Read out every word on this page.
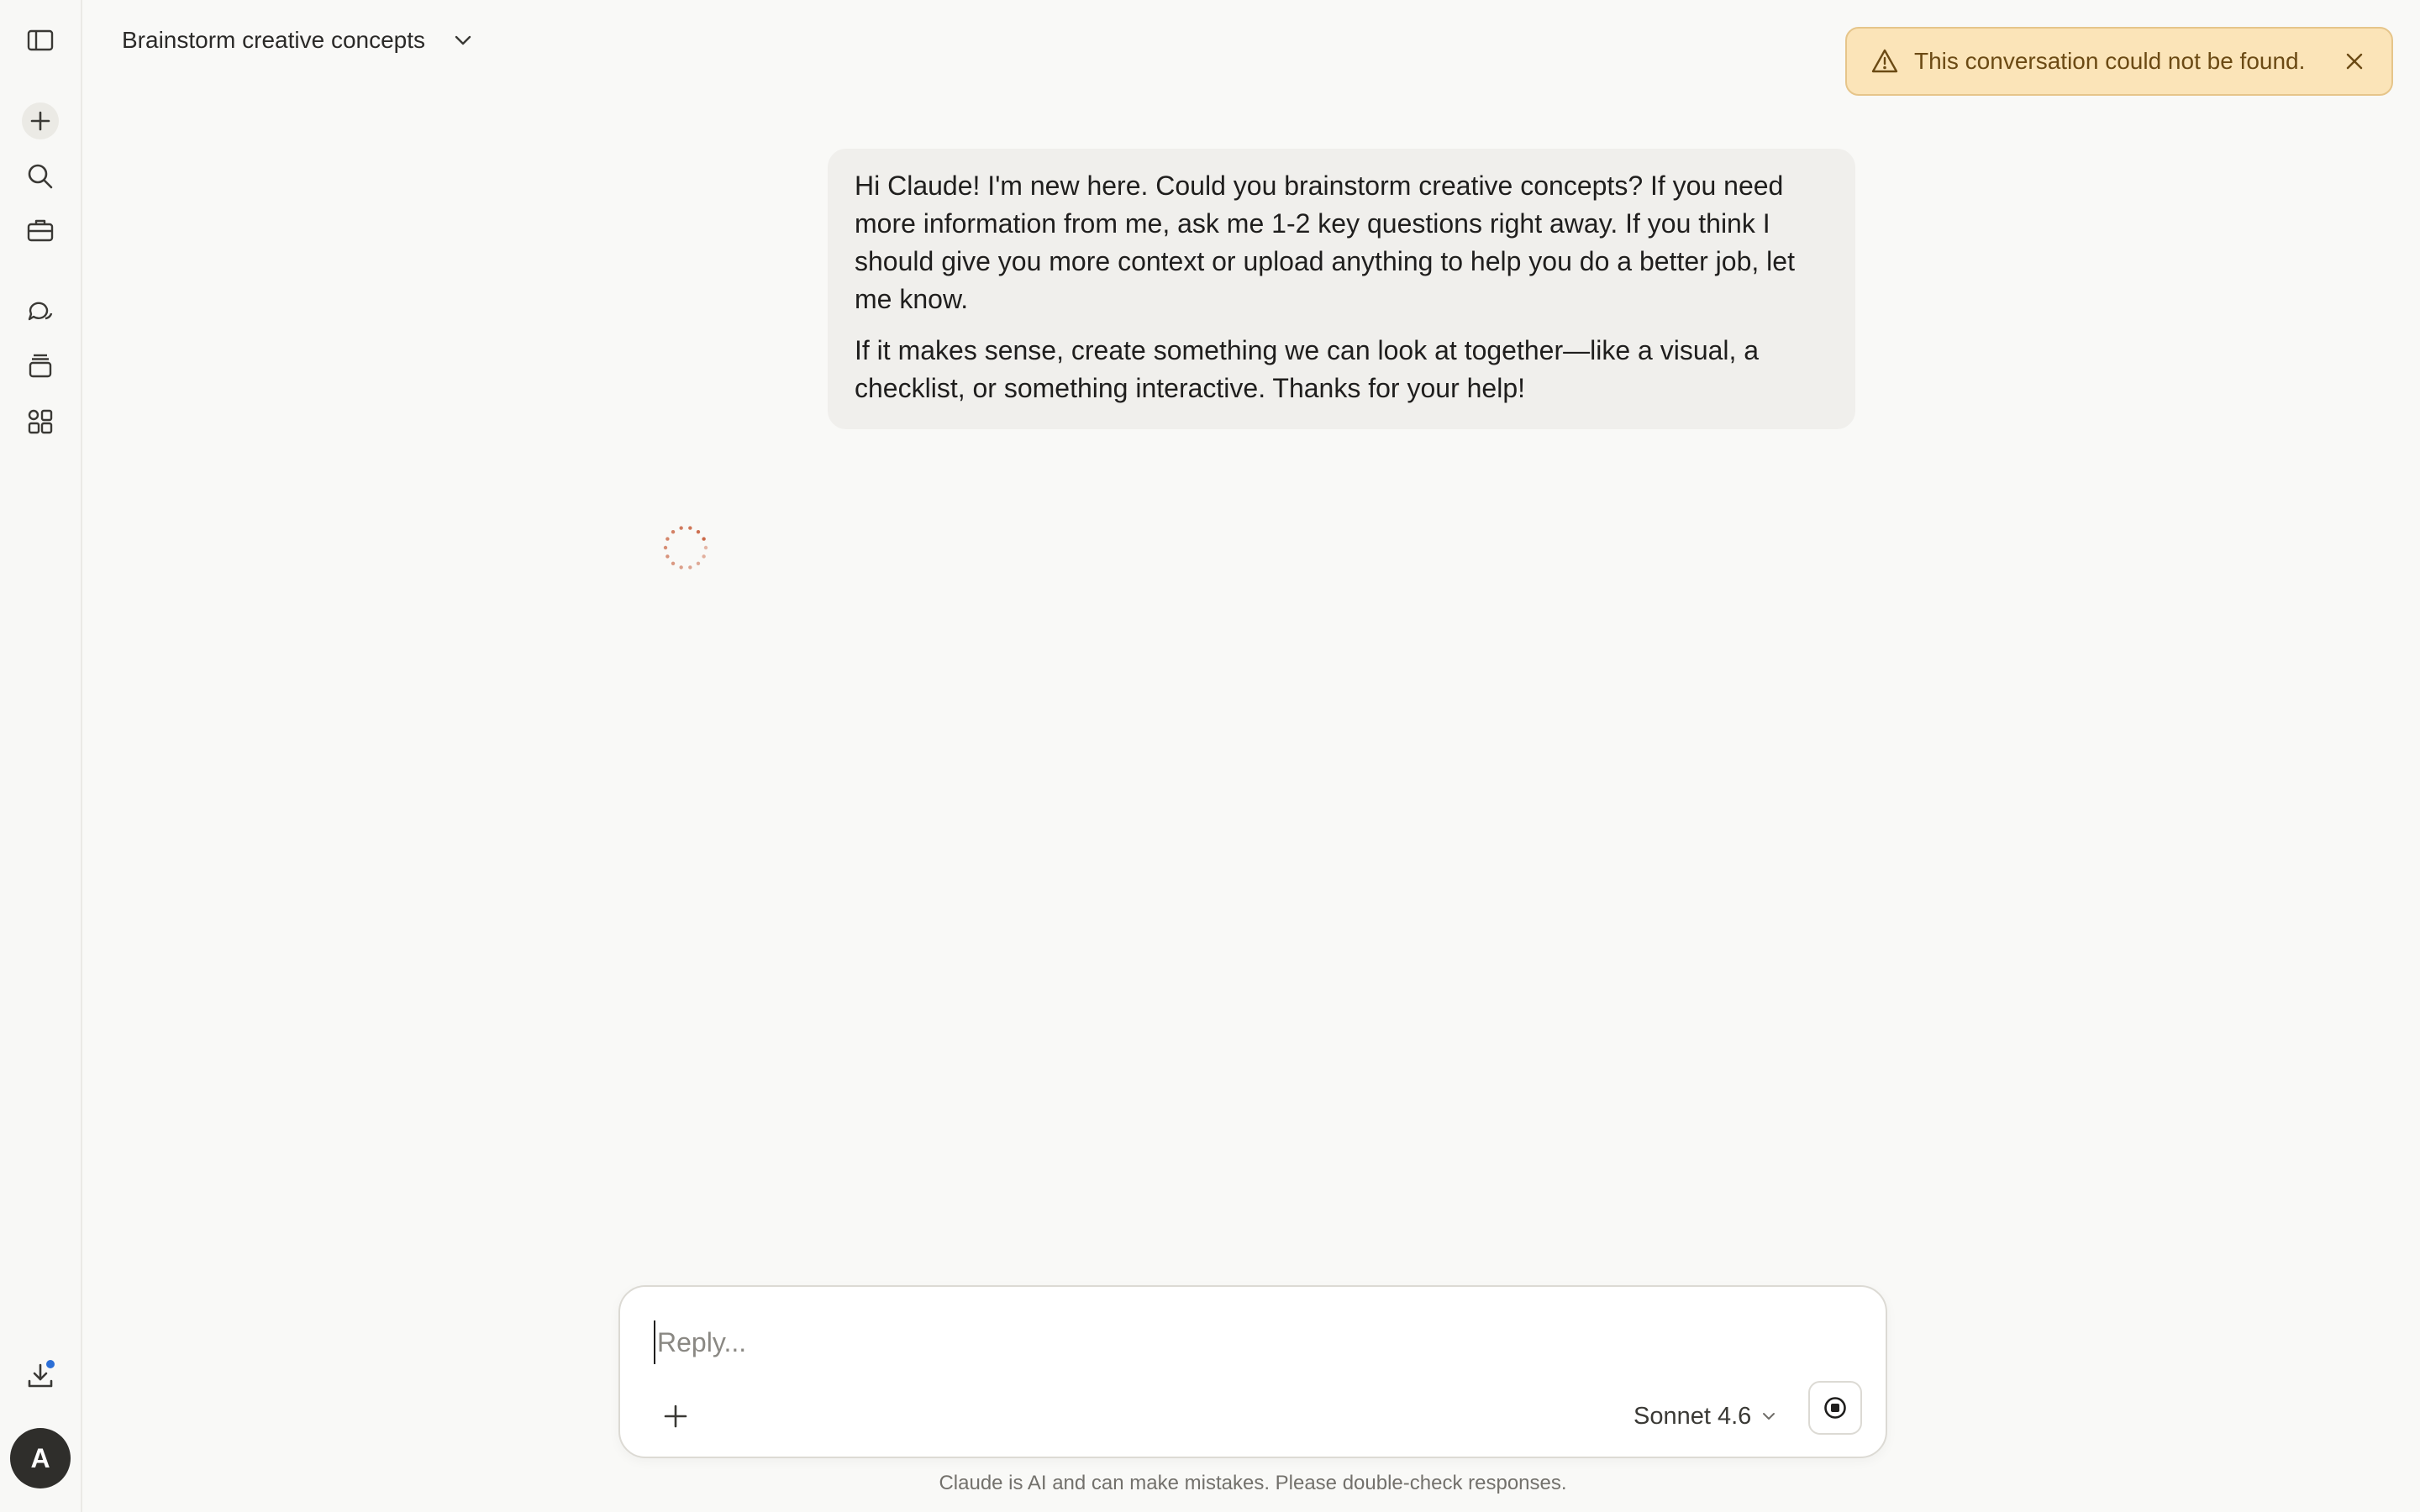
A
Brainstorm creative concepts
This conversation could not be found.

Hi Claude! I'm new here. Could you brainstorm creative concepts? If you need more information from me, ask me 1-2 key questions right away. If you think I should give you more context or upload anything to help you do a better job, let me know.

If it makes sense, create something we can look at together—like a visual, a checklist, or something interactive. Thanks for your help!

Reply...
Sonnet 4.6
Claude is AI and can make mistakes. Please double-check responses.
